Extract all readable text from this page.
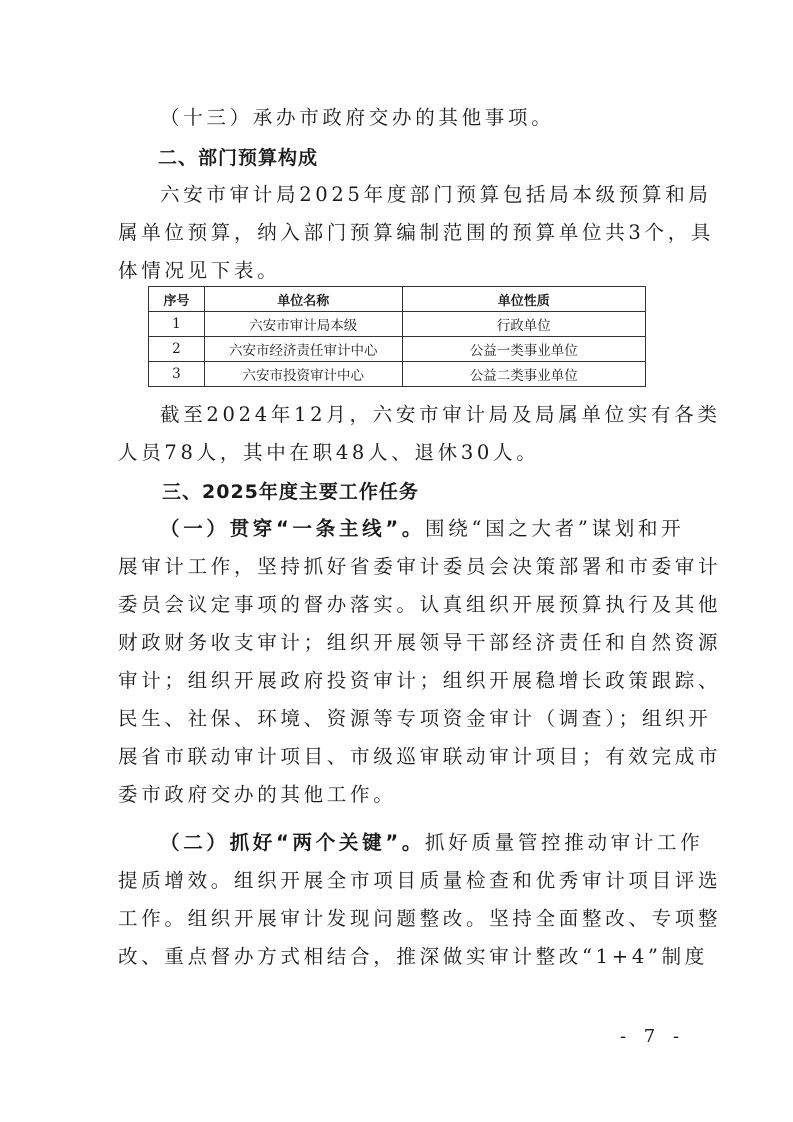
（十三）承办市政府交办的其他事项。
二、部门预算构成
六安市审计局2025年度部门预算包括局本级预算和局
属单位预算，纳入部门预算编制范围的预算单位共3个，具
体情况见下表。
序号	单位名称	单位性质
1	六安市审计局本级	行政单位
2	六安市经济责任审计中心	公益一类事业单位
3	六安市投资审计中心	公益二类事业单位
截至2024年12月，六安市审计局及局属单位实有各类
人员78人，其中在职48人、退休30人。
三、2025年度主要工作任务
（一）贯穿“一条主线”。围绕“国之大者”谋划和开
展审计工作，坚持抓好省委审计委员会决策部署和市委审计
委员会议定事项的督办落实。认真组织开展预算执行及其他
财政财务收支审计；组织开展领导干部经济责任和自然资源
审计；组织开展政府投资审计；组织开展稳增长政策跟踪、
民生、社保、环境、资源等专项资金审计（调查）；组织开
展省市联动审计项目、市级巡审联动审计项目；有效完成市
委市政府交办的其他工作。
（二）抓好“两个关键”。抓好质量管控推动审计工作
提质增效。组织开展全市项目质量检查和优秀审计项目评选
工作。组织开展审计发现问题整改。坚持全面整改、专项整
改、重点督办方式相结合，推深做实审计整改“1+4”制度
- 7 -
